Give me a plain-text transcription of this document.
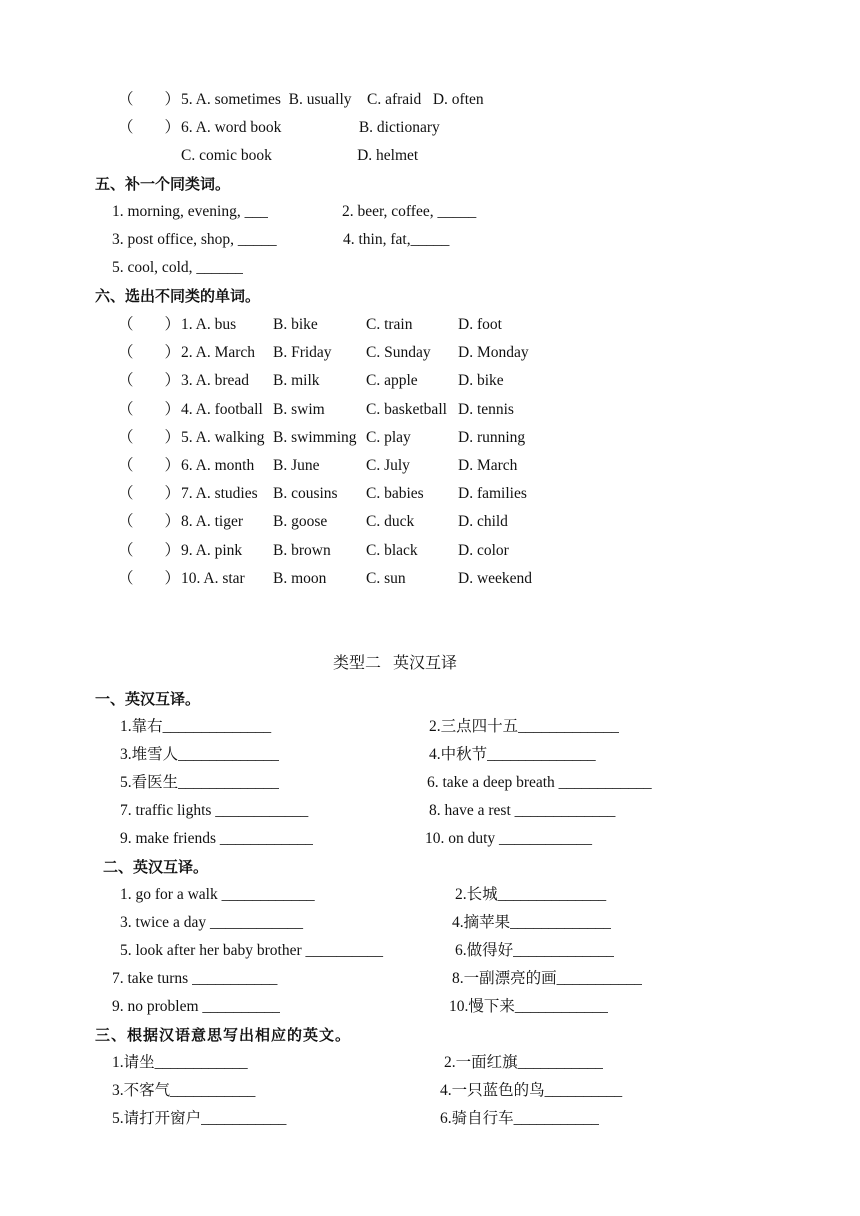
（        ） 5. A. sometimes  B. usually    C. afraid   D. often
（        ） 6. A. word book                    B. dictionary
C. comic book                      D. helmet
五、补一个同类词。
1. morning, evening, ___	2. beer, coffee, _____
3. post office, shop, _____	4. thin, fat,_____
5. cool, cold, ______
六、选出不同类的单词。
（        ） 1. A. bus B. bike	C. train	D. foot
（        ） 2. A. March B. Friday C. Sunday D. Monday
（        ） 3. A. bread B. milk	C. apple	D. bike
（        ） 4. A. football B. swim	C. basketball D. tennis
（        ） 5. A. walking B. swimming C. play	D. running
（        ） 6. A. month B. June	C. July	D. March
（        ） 7. A. studies B. cousins C. babies D. families
（        ） 8. A. tiger B. goose	C. duck	D. child
（        ） 9. A. pink B. brown C. black	D. color
（        ） 10. A. star B. moon	C. sun	D. weekend
类型二   英汉互译
一、英汉互译。
1.靠右______________	2.三点四十五_____________
3.堆雪人_____________	4.中秋节______________
5.看医生_____________	6. take a deep breath ____________
7. traffic lights ____________	8. have a rest _____________
9. make friends ____________	10. on duty ____________
二、英汉互译。
1. go for a walk ____________	2.长城______________
3. twice a day ____________	4.摘苹果_____________
5. look after her baby brother __________	6.做得好_____________
7. take turns ___________	8.一副漂亮的画___________
9. no problem __________	10.慢下来____________
三、根据汉语意思写出相应的英文。
1.请坐____________	2.一面红旗___________
3.不客气___________	4.一只蓝色的鸟__________
5.请打开窗户___________	6.骑自行车___________
